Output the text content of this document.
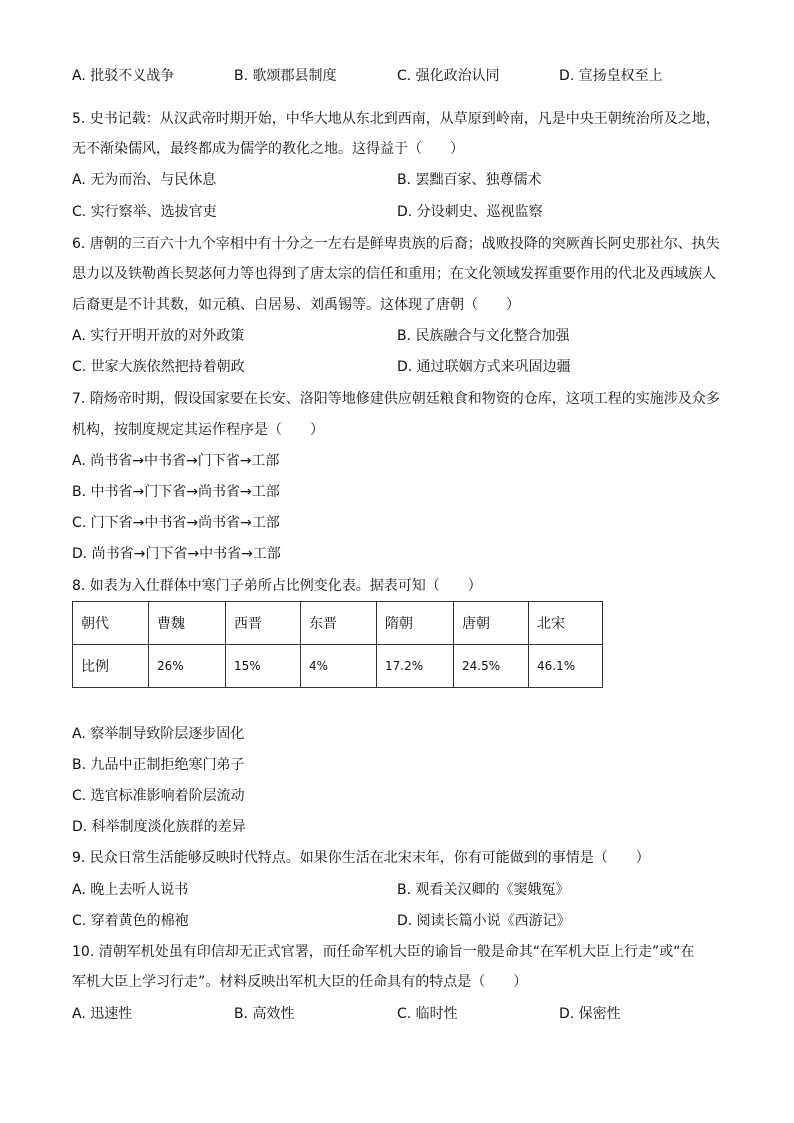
A. 批驳不义战争	B. 歌颂郡县制度	C. 强化政治认同	D. 宣扬皇权至上
5. 史书记载：从汉武帝时期开始，中华大地从东北到西南，从草原到岭南，凡是中央王朝统治所及之地，
无不渐染儒风，最终都成为儒学的教化之地。这得益于（　　）
A. 无为而治、与民休息	B. 罢黜百家、独尊儒术
C. 实行察举、选拔官吏	D. 分设刺史、巡视监察
6. 唐朝的三百六十九个宰相中有十分之一左右是鲜卑贵族的后裔；战败投降的突厥酋长阿史那社尔、执失
思力以及铁勒酋长契苾何力等也得到了唐太宗的信任和重用；在文化领域发挥重要作用的代北及西域族人
后裔更是不计其数，如元稹、白居易、刘禹锡等。这体现了唐朝（　　）
A. 实行开明开放的对外政策	B. 民族融合与文化整合加强
C. 世家大族依然把持着朝政	D. 通过联姻方式来巩固边疆
7. 隋炀帝时期，假设国家要在长安、洛阳等地修建供应朝廷粮食和物资的仓库，这项工程的实施涉及众多
机构，按制度规定其运作程序是（　　）
A. 尚书省→中书省→门下省→工部
B. 中书省→门下省→尚书省→工部
C. 门下省→中书省→尚书省→工部
D. 尚书省→门下省→中书省→工部
8. 如表为入仕群体中寒门子弟所占比例变化表。据表可知（　　）
朝代	曹魏	西晋	东晋	隋朝	唐朝	北宋
比例	26%	15%	4%	17.2%	24.5%	46.1%
A. 察举制导致阶层逐步固化
B. 九品中正制拒绝寒门弟子
C. 选官标准影响着阶层流动
D. 科举制度淡化族群的差异
9. 民众日常生活能够反映时代特点。如果你生活在北宋末年，你有可能做到的事情是（　　）
A. 晚上去听人说书	B. 观看关汉卿的《窦娥冤》
C. 穿着黄色的棉袍	D. 阅读长篇小说《西游记》
10. 清朝军机处虽有印信却无正式官署，而任命军机大臣的谕旨一般是命其“在军机大臣上行走”或“在
军机大臣上学习行走”。材料反映出军机大臣的任命具有的特点是（　　）
A. 迅速性	B. 高效性	C. 临时性	D. 保密性
